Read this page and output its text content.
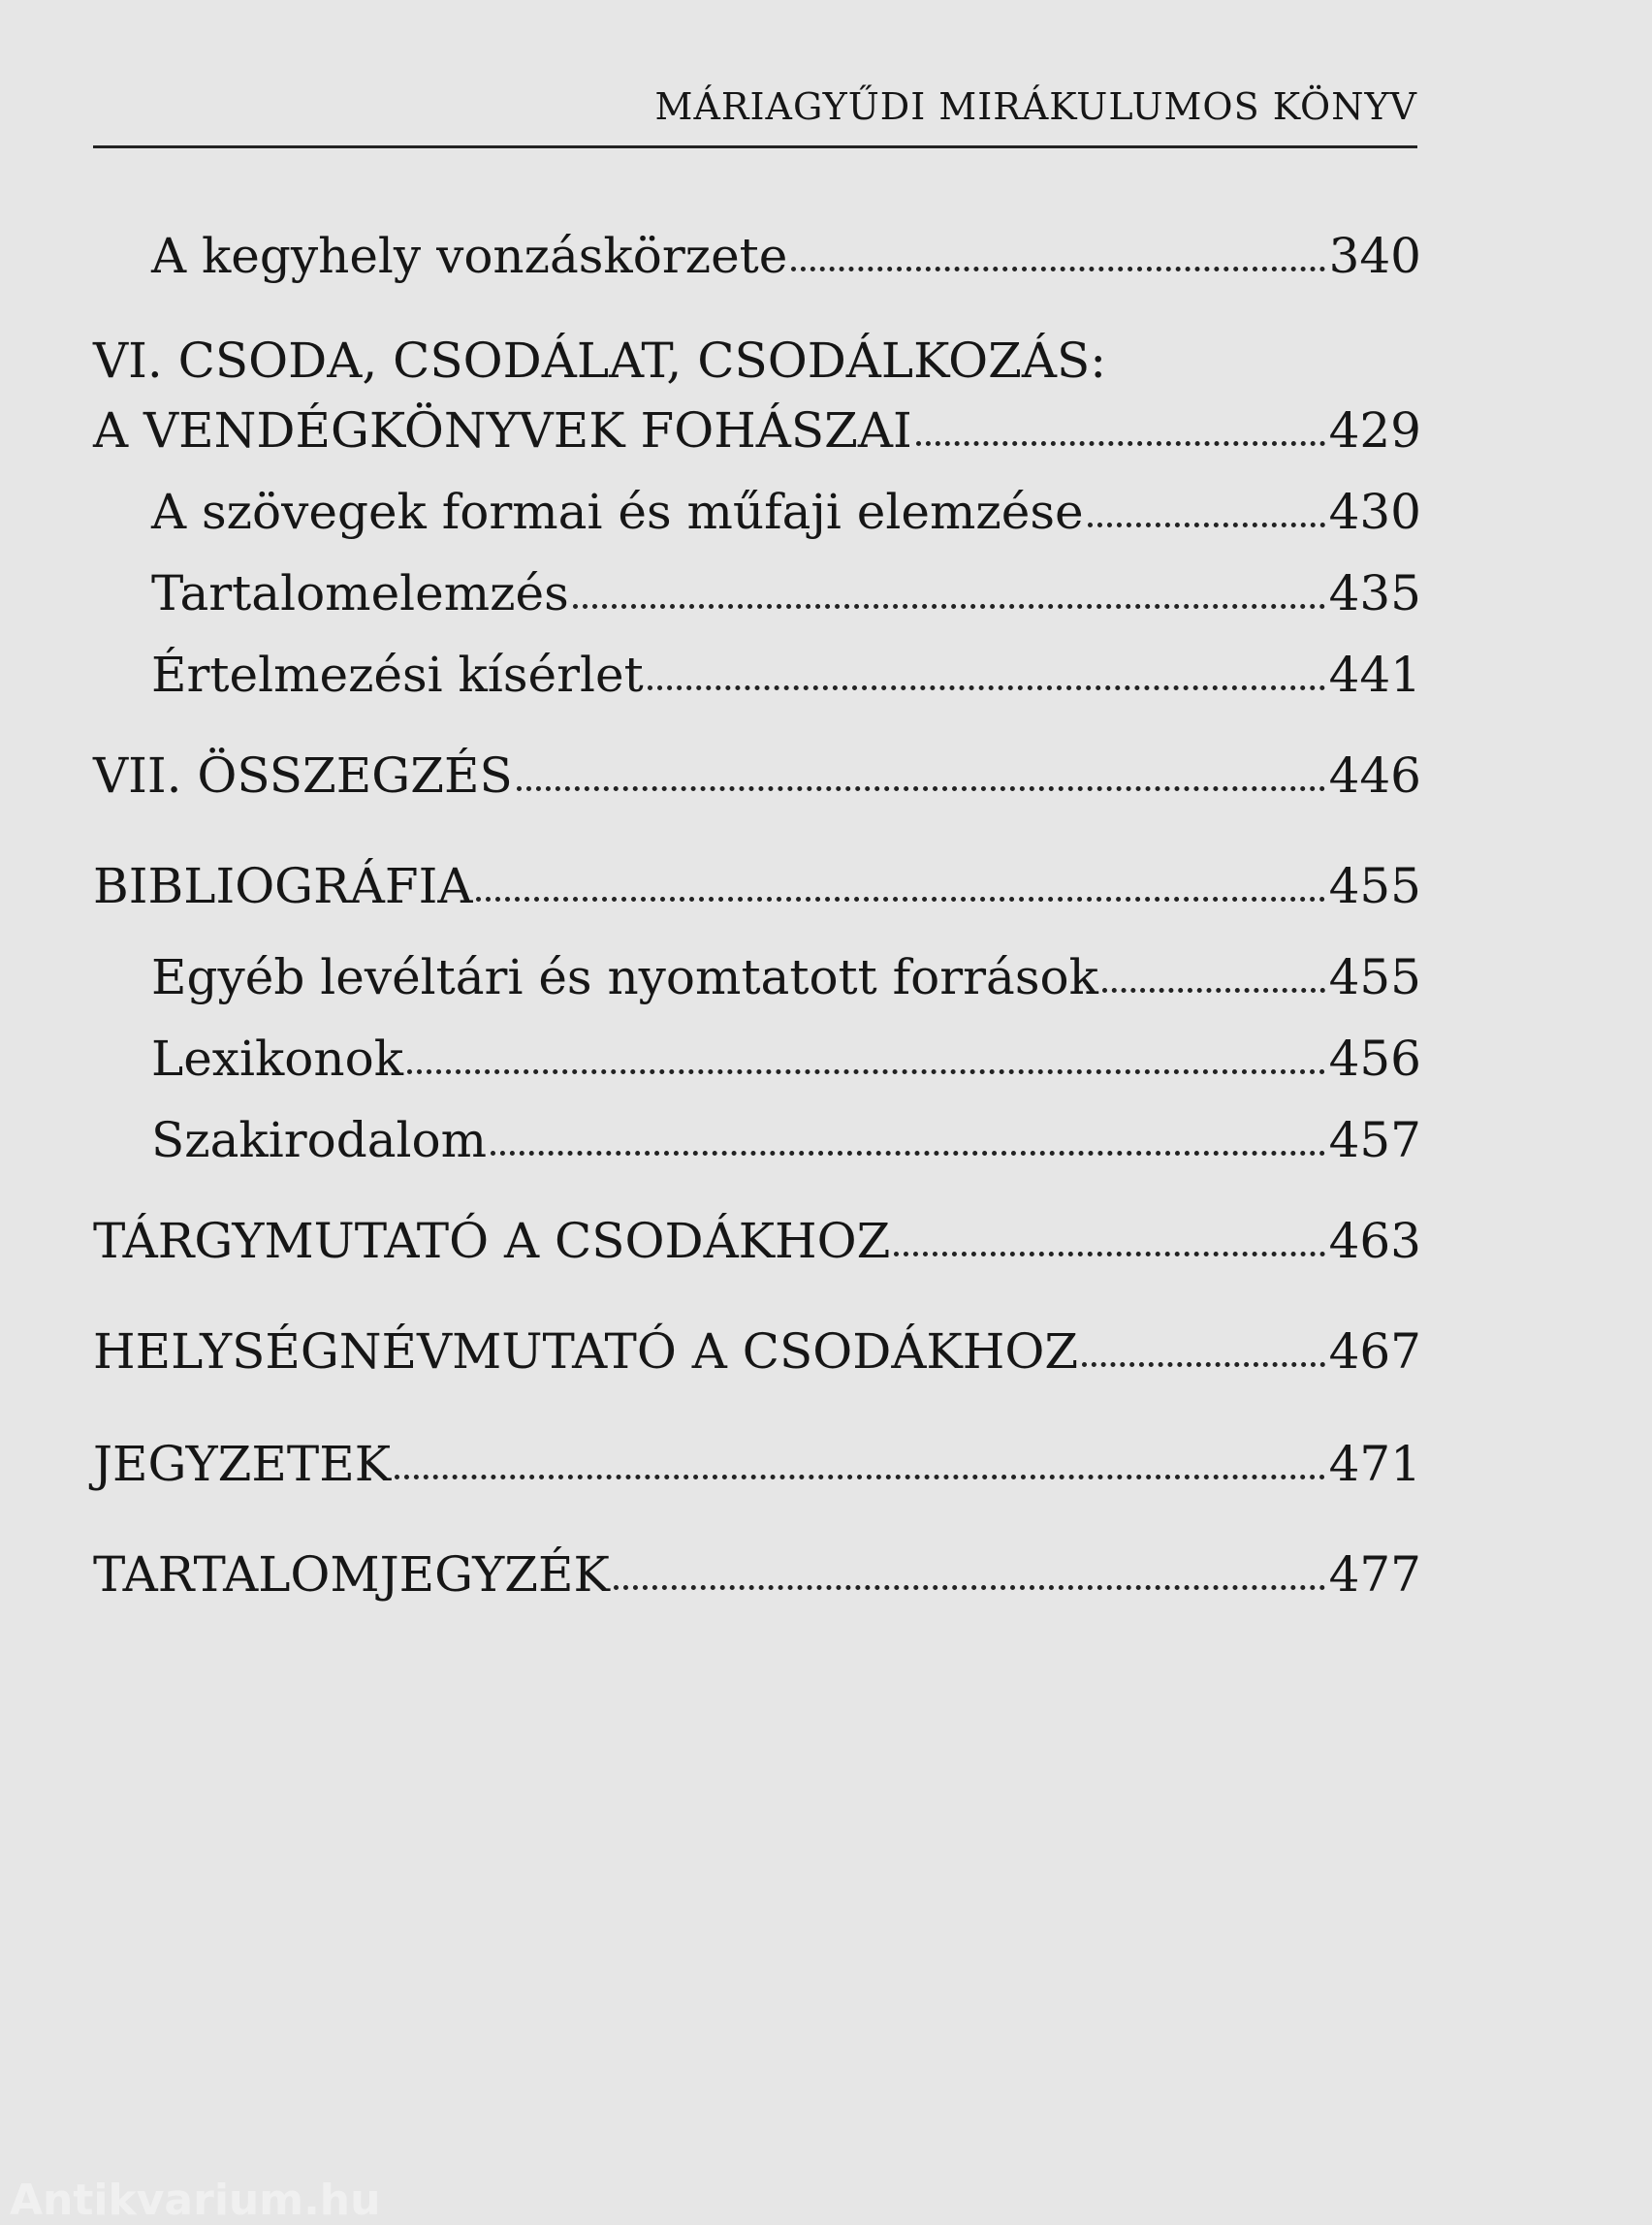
MÁRIAGYŰDI MIRÁKULUMOS KÖNYV
A kegyhely vonzáskörzete	340
VI. CSODA, CSODÁLAT, CSODÁLKOZÁS:
A VENDÉGKÖNYVEK FOHÁSZAI	429
A szövegek formai és műfaji elemzése	430
Tartalomelemzés	435
Értelmezési kísérlet	441
VII. ÖSSZEGZÉS	446
BIBLIOGRÁFIA	455
Egyéb levéltári és nyomtatott források	455
Lexikonok	456
Szakirodalom	457
TÁRGYMUTATÓ A CSODÁKHOZ	463
HELYSÉGNÉVMUTATÓ A CSODÁKHOZ	467
JEGYZETEK	471
TARTALOMJEGYZÉK	477
Antikvarium.hu
